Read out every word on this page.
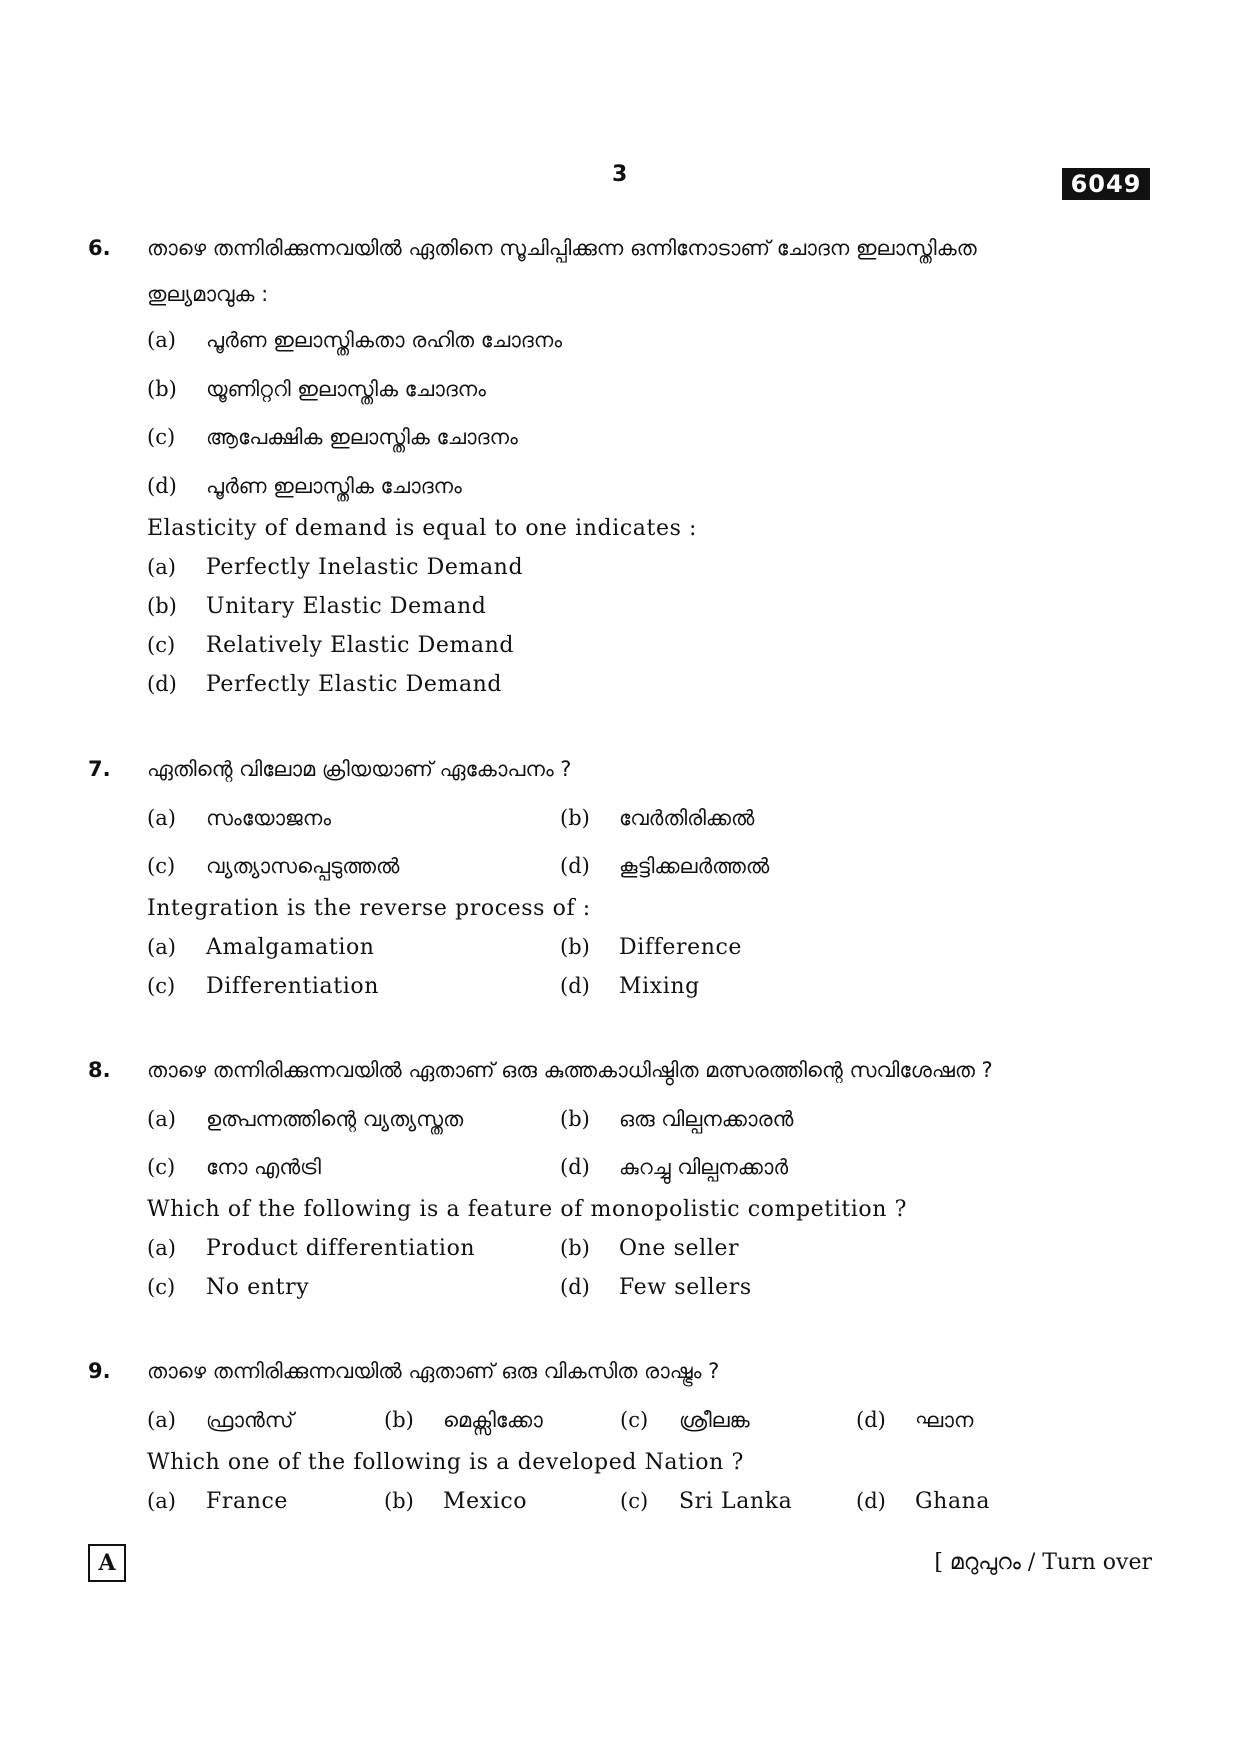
3	6049
6. താഴെ തന്നിരിക്കുന്നവയിൽ ഏതിനെ സൂചിപ്പിക്കുന്ന ഒന്നിനോടാണ് ചോദന ഇലാസ്തികത
തുല്യമാവുക :
(a) പൂർണ ഇലാസ്തികതാ രഹിത ചോദനം
(b) യൂണിറ്ററി ഇലാസ്തിക ചോദനം
(c) ആപേക്ഷിക ഇലാസ്തിക ചോദനം
(d) പൂർണ ഇലാസ്തിക ചോദനം
Elasticity of demand is equal to one indicates :
(a) Perfectly Inelastic Demand
(b) Unitary Elastic Demand
(c) Relatively Elastic Demand
(d) Perfectly Elastic Demand
7. ഏതിന്റെ വിലോമ ക്രിയയാണ് ഏകോപനം ?
(a) സംയോജനം	(b) വേർതിരിക്കൽ
(c) വ്യത്യാസപ്പെടുത്തൽ	(d) കൂട്ടിക്കലർത്തൽ
Integration is the reverse process of :
(a) Amalgamation	(b) Difference
(c) Differentiation	(d) Mixing
8. താഴെ തന്നിരിക്കുന്നവയിൽ ഏതാണ് ഒരു കുത്തകാധിഷ്ഠിത മത്സരത്തിന്റെ സവിശേഷത ?
(a) ഉത്പന്നത്തിന്റെ വ്യത്യസ്തത	(b) ഒരു വില്പനക്കാരൻ
(c) നോ എൻട്രി	(d) കുറച്ചു വില്പനക്കാർ
Which of the following is a feature of monopolistic competition ?
(a) Product differentiation	(b) One seller
(c) No entry	(d) Few sellers
9. താഴെ തന്നിരിക്കുന്നവയിൽ ഏതാണ് ഒരു വികസിത രാഷ്ട്രം ?
(a) ഫ്രാൻസ്	(b) മെക്സിക്കോ	(c) ശ്രീലങ്ക	(d) ഘാന
Which one of the following is a developed Nation ?
(a) France	(b) Mexico	(c) Sri Lanka	(d) Ghana
A	[ മറുപുറം / Turn over
